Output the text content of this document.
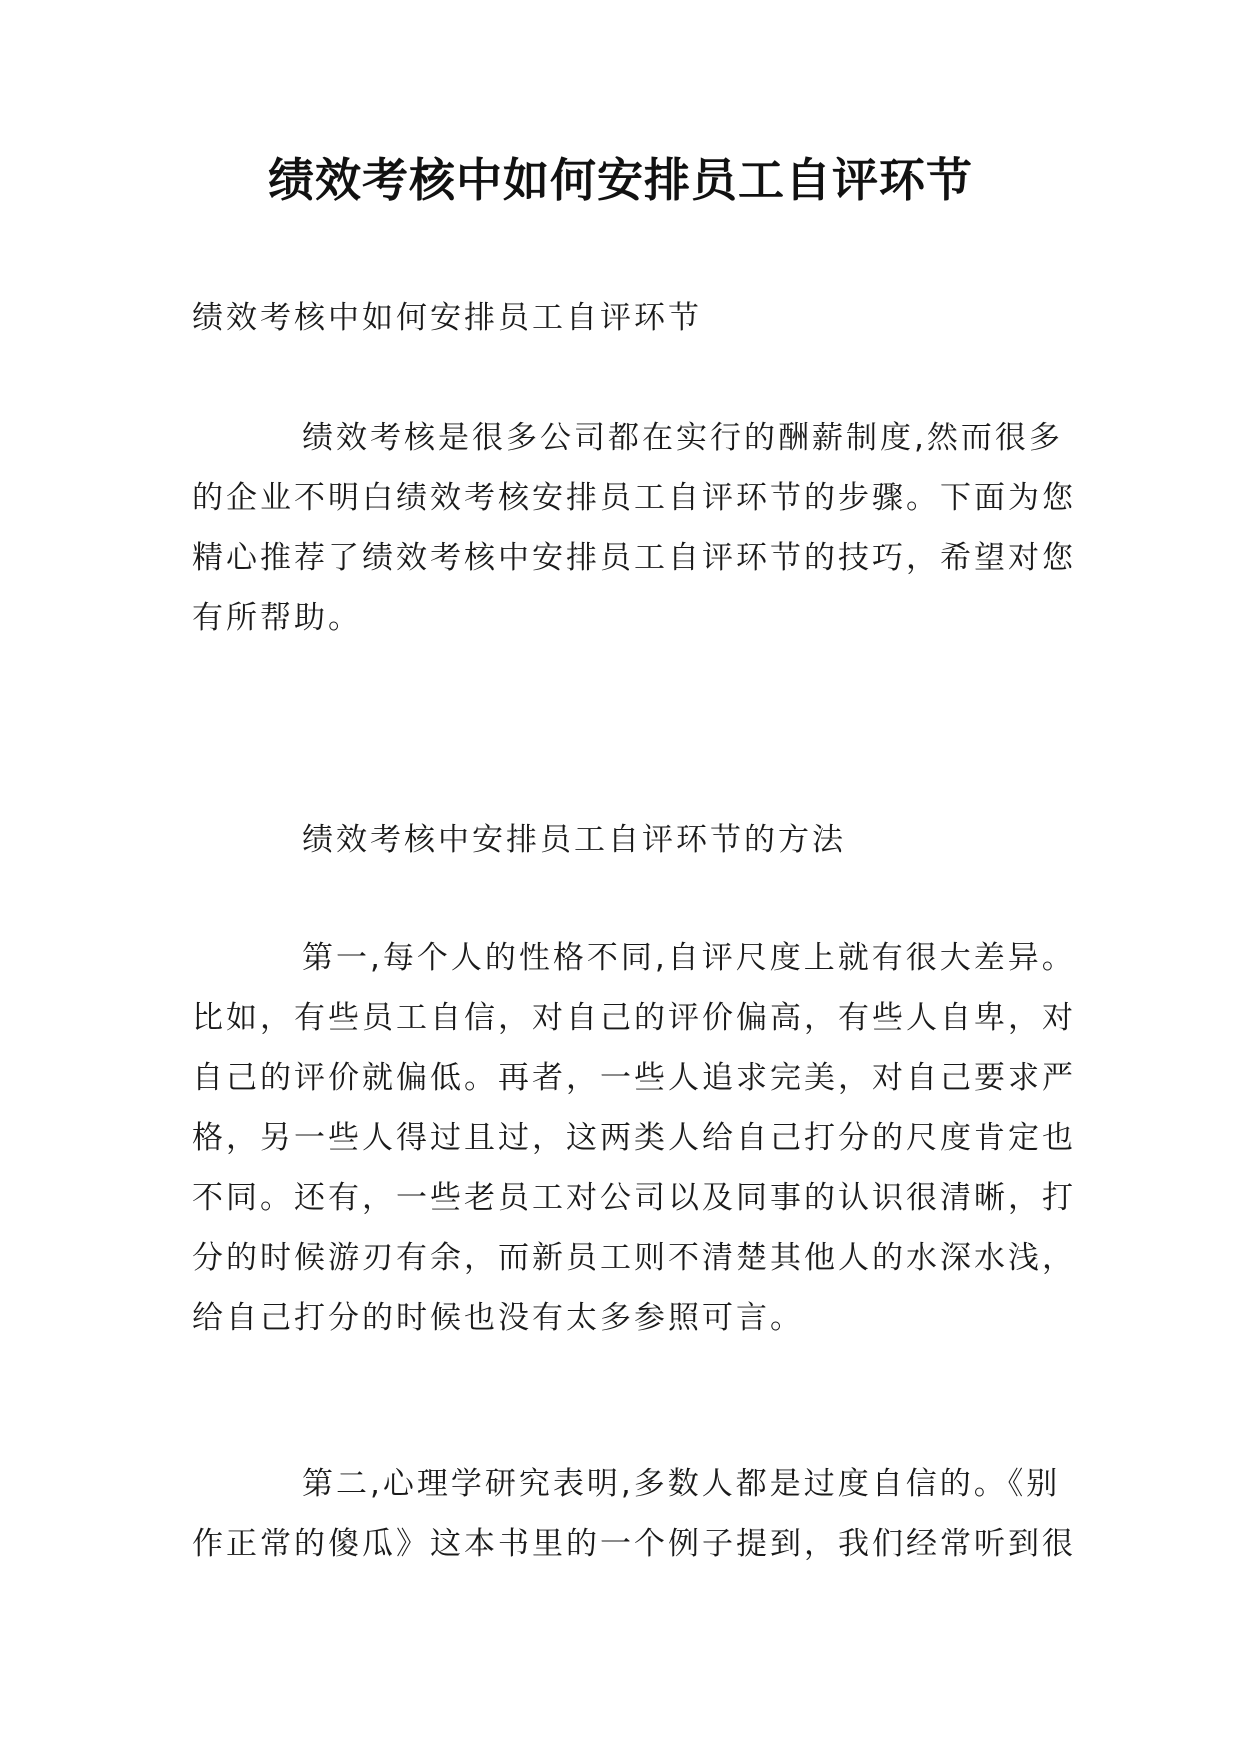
绩效考核中如何安排员工自评环节
绩效考核中如何安排员工自评环节
绩效考核是很多公司都在实行的酬薪制度,然而很多
的企业不明白绩效考核安排员工自评环节的步骤。下面为您
精心推荐了绩效考核中安排员工自评环节的技巧，希望对您
有所帮助。
绩效考核中安排员工自评环节的方法
第一,每个人的性格不同,自评尺度上就有很大差异。
比如，有些员工自信，对自己的评价偏高，有些人自卑，对
自己的评价就偏低。再者，一些人追求完美，对自己要求严
格，另一些人得过且过，这两类人给自己打分的尺度肯定也
不同。还有，一些老员工对公司以及同事的认识很清晰，打
分的时候游刃有余，而新员工则不清楚其他人的水深水浅，
给自己打分的时候也没有太多参照可言。
第二,心理学研究表明,多数人都是过度自信的。《别
作正常的傻瓜》这本书里的一个例子提到，我们经常听到很
